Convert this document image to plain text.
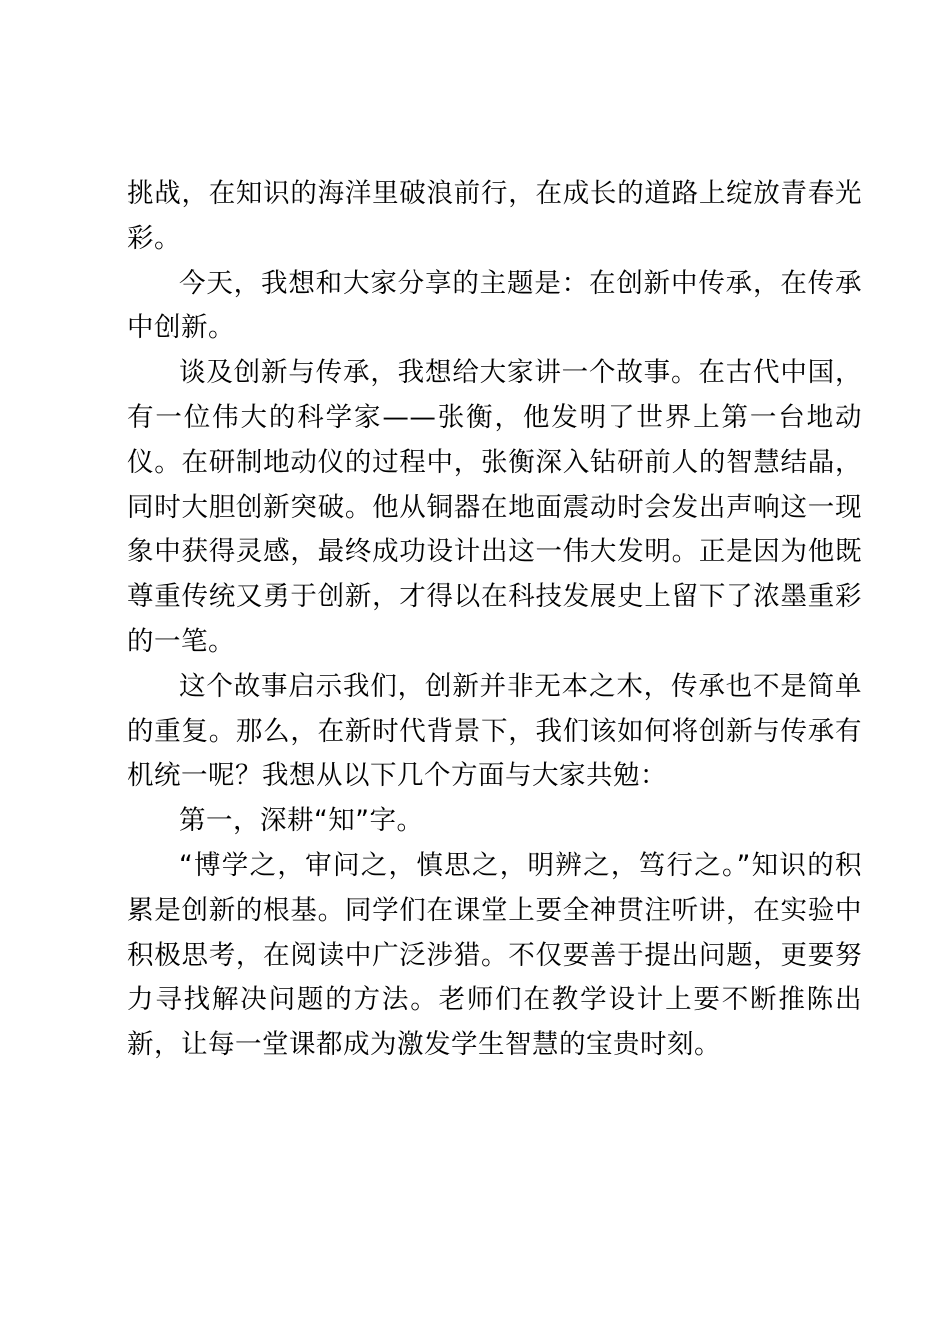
挑战，在知识的海洋里破浪前行，在成长的道路上绽放青春光彩。

今天，我想和大家分享的主题是：在创新中传承，在传承中创新。

谈及创新与传承，我想给大家讲一个故事。在古代中国，有一位伟大的科学家——张衡，他发明了世界上第一台地动仪。在研制地动仪的过程中，张衡深入钻研前人的智慧结晶，同时大胆创新突破。他从铜器在地面震动时会发出声响这一现象中获得灵感，最终成功设计出这一伟大发明。正是因为他既尊重传统又勇于创新，才得以在科技发展史上留下了浓墨重彩的一笔。

这个故事启示我们，创新并非无本之木，传承也不是简单的重复。那么，在新时代背景下，我们该如何将创新与传承有机统一呢？我想从以下几个方面与大家共勉：

第一，深耕“知”字。

“博学之，审问之，慎思之，明辨之，笃行之。”知识的积累是创新的根基。同学们在课堂上要全神贯注听讲，在实验中积极思考，在阅读中广泛涉猎。不仅要善于提出问题，更要努力寻找解决问题的方法。老师们在教学设计上要不断推陈出新，让每一堂课都成为激发学生智慧的宝贵时刻。
